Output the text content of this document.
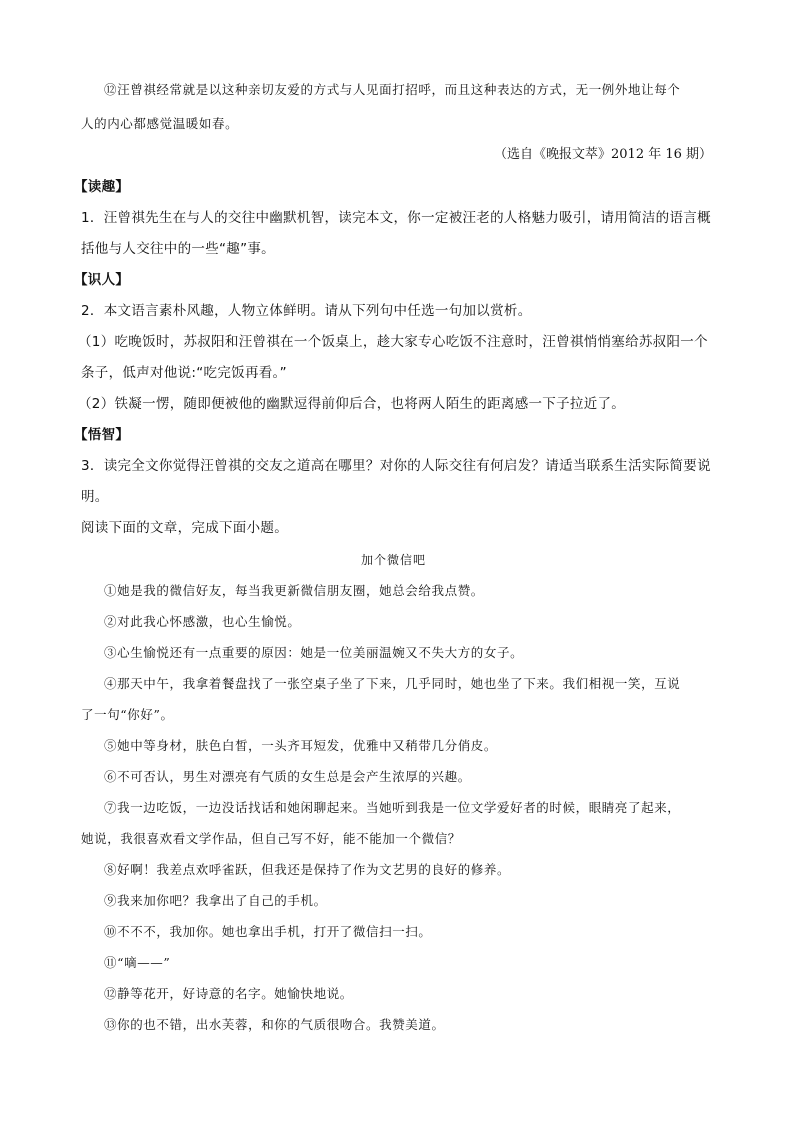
⑫汪曾祺经常就是以这种亲切友爱的方式与人见面打招呼，而且这种表达的方式，无一例外地让每个

人的内心都感觉温暖如春。

（选自《晚报文萃》2012 年 16 期）

【读趣】

1．汪曾祺先生在与人的交往中幽默机智，读完本文，你一定被汪老的人格魅力吸引，请用简洁的语言概

括他与人交往中的一些“趣”事。

【识人】

2．本文语言素朴风趣，人物立体鲜明。请从下列句中任选一句加以赏析。

（1）吃晚饭时，苏叔阳和汪曾祺在一个饭桌上，趁大家专心吃饭不注意时，汪曾祺悄悄塞给苏叔阳一个

条子，低声对他说:“吃完饭再看。”

（2）铁凝一愣，随即便被他的幽默逗得前仰后合，也将两人陌生的距离感一下子拉近了。

【悟智】

3．读完全文你觉得汪曾祺的交友之道高在哪里？对你的人际交往有何启发？请适当联系生活实际简要说

明。

阅读下面的文章，完成下面小题。

加个微信吧

①她是我的微信好友，每当我更新微信朋友圈，她总会给我点赞。

②对此我心怀感激，也心生愉悦。

③心生愉悦还有一点重要的原因：她是一位美丽温婉又不失大方的女子。

④那天中午，我拿着餐盘找了一张空桌子坐了下来，几乎同时，她也坐了下来。我们相视一笑，互说

了一句“你好”。

⑤她中等身材，肤色白皙，一头齐耳短发，优雅中又稍带几分俏皮。

⑥不可否认，男生对漂亮有气质的女生总是会产生浓厚的兴趣。

⑦我一边吃饭，一边没话找话和她闲聊起来。当她听到我是一位文学爱好者的时候，眼睛亮了起来，

她说，我很喜欢看文学作品，但自己写不好，能不能加一个微信？

⑧好啊！我差点欢呼雀跃，但我还是保持了作为文艺男的良好的修养。

⑨我来加你吧？我拿出了自己的手机。

⑩不不不，我加你。她也拿出手机，打开了微信扫一扫。

⑪“嘀——”

⑫静等花开，好诗意的名字。她愉快地说。

⑬你的也不错，出水芙蓉，和你的气质很吻合。我赞美道。
